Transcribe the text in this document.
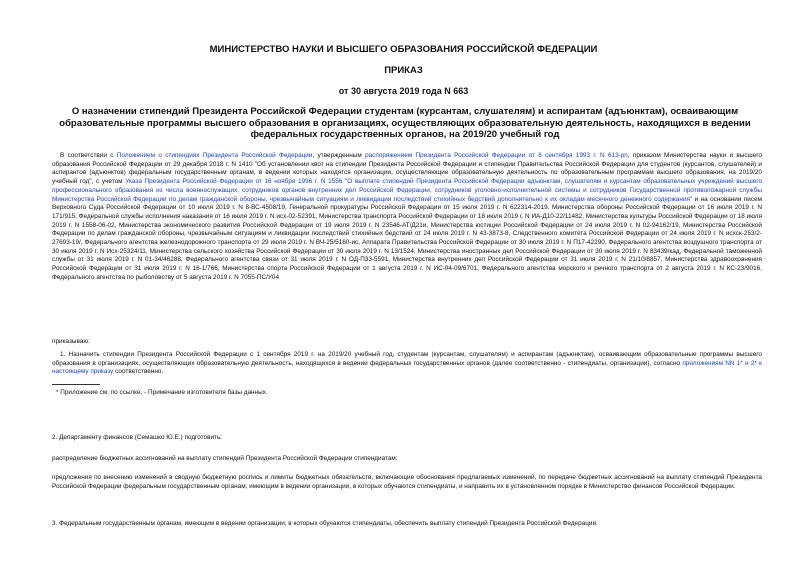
МИНИСТЕРСТВО НАУКИ И ВЫСШЕГО ОБРАЗОВАНИЯ РОССИЙСКОЙ ФЕДЕРАЦИИ
ПРИКАЗ
от 30 августа 2019 года N 663
О назначении стипендий Президента Российской Федерации студентам (курсантам, слушателям) и аспирантам (адъюнктам), осваивающим образовательные программы высшего образования в организациях, осуществляющих образовательную деятельность, находящихся в ведении федеральных государственных органов, на 2019/20 учебный год

В соответствии с Положением о стипендиях Президента Российской Федерации, утвержденным распоряжением Президента Российской Федерации от 6 сентября 1993 г. N 613-рп, приказом Министерства науки и высшего образования Российской Федерации от 29 декабря 2018 г. N 1410 "Об установлении квот на стипендии Президента Российской Федерации и стипендии Правительства Российской Федерации для студентов (курсантов, слушателей) и аспирантов (адъюнктов) федеральным государственным органам, в ведении которых находятся организации, осуществляющие образовательную деятельность по образовательным программам высшего образования, на 2019/20 учебный год", с учетом Указа Президента Российской Федерации от 16 ноября 1996 г. N 1556 "О выплате стипендий Президента Российской Федерации адъюнктам, слушателям и курсантам образовательных учреждений высшего профессионального образования из числа военнослужащих, сотрудников органов внутренних дел Российской Федерации, сотрудников уголовно-исполнительной системы и сотрудников Государственной противопожарной службы Министерства Российской Федерации по делам гражданской обороны, чрезвычайным ситуациям и ликвидации последствий стихийных бедствий дополнительно к их окладам месячного денежного содержания" и на основании писем Верховного Суда Российской Федерации от 10 июля 2019 г. N 8-ВС-4508/19, Генеральной прокуратуры Российской Федерации от 15 июля 2019 г. N 622314-2019, Министерства обороны Российской Федерации от 16 июля 2019 г. N 171/915, Федеральной службы исполнения наказания от 16 июля 2019 г. N исх-02-52391, Министерства транспорта Российской Федерации от 18 июля 2019 г. N ИА-Д10-22/11482, Министерства культуры Российской Федерации от 18 июля 2019 г. N 1558-06-02, Министерства экономического развития Российской Федерации от 19 июля 2019 г. N 23546-АТ/Д21и, Министерства юстиции Российской Федерации от 24 июля 2019 г. N 02-94162/19, Министерства Российской Федерации по делам гражданской обороны, чрезвычайным ситуациям и ликвидации последствий стихийных бедствий от 24 июля 2019 г. N 43-3873-8, Следственного комитета Российской Федерации от 24 июля 2019 г. N исхск-253/2-27693-19/, Федерального агентства железнодорожного транспорта от 29 июля 2019 г. N ВЧ-25/5160-ис, Аппарата Правительства Российской Федерации от 30 июля 2019 г. N П17-42290, Федерального агентства воздушного транспорта от 30 июля 2019 г. N Исх-25324/11, Министерства сельского хозяйства Российской Федерации от 30 июля 2019 г. N 13/1524, Министерства иностранных дел Российской Федерации от 30 июля 2019 г. N 83439/кад, Федеральной таможенной службы от 31 июля 2019 г. N 01-34/46288, Федерального агентства связи от 31 июля 2019 г. N ОД-П33-5591, Министерства внутренних дел Российской Федерации от 31 июля 2019 г. N 21/10/8857, Министерства здравоохранения Российской Федерации от 31 июля 2019 г. N 16-1/766, Министерства спорта Российской Федерации от 1 августа 2019 г. N ИС-04-09/6701, Федерального агентства морского и речного транспорта от 2 августа 2019 г. N КС-23/9016, Федерального агентства по рыболовству от 5 августа 2019 г. N 7055-ПС/У04

приказываю:

1. Назначить стипендии Президента Российской Федерации с 1 сентября 2019 г. на 2019/20 учебный год, студентам (курсантам, слушателям) и аспирантам (адъюнктам), осваивающим образовательные программы высшего образования в организациях, осуществляющих образовательную деятельность, находящихся в ведении федеральных государственных органов (далее соответственно - стипендиаты, организации), согласно приложениям NN 1* и 2* к настоящему приказу соответственно.

* Приложение см. по ссылке. - Примечание изготовителя базы данных.

2. Департаменту финансов (Семашко Ю.Е.) подготовить:

распределение бюджетных ассигнований на выплату стипендий Президента Российской Федерации стипендиатам;

предложения по внесению изменений в сводную бюджетную роспись и лимиты бюджетных обязательств, включающие обоснования предлагаемых изменений, по передаче бюджетных ассигнований на выплату стипендий Президента Российской Федерации федеральным государственным органам, имеющим в ведении организации, в которых обучаются стипендиаты, и направить их в установленном порядке в Министерство финансов Российской Федерации.

3. Федеральным государственным органам, имеющим в ведении организации, в которых обучаются стипендиаты, обеспечить выплату стипендий Президента Российской Федерации.
